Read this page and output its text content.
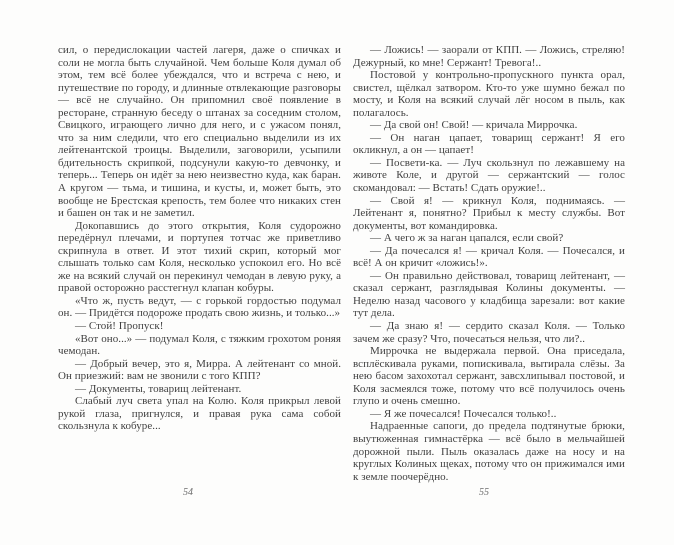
сил, о передислокации частей лагеря, даже о спичках и соли не могла быть случайной. Чем больше Коля думал об этом, тем всё более убеждался, что и встреча с нею, и путешествие по городу, и длинные отвлекающие разговоры — всё не случайно. Он припомнил своё появление в ресторане, странную беседу о штанах за соседним столом, Свицкого, играющего лично для него, и с ужасом понял, что за ним следили, что его специально выделили из их лейтенантской троицы. Выделили, заговорили, усыпили бдительность скрипкой, подсунули какую-то девчонку, и теперь... Теперь он идёт за нею неизвестно куда, как баран. А кругом — тьма, и тишина, и кусты, и, может быть, это вообще не Брестская крепость, тем более что никаких стен и башен он так и не заметил.

Докопавшись до этого открытия, Коля судорожно передёрнул плечами, и портупея тотчас же приветливо скрипнула в ответ. И этот тихий скрип, который мог слышать только сам Коля, несколько успокоил его. Но всё же на всякий случай он перекинул чемодан в левую руку, а правой осторожно расстегнул клапан кобуры.

«Что ж, пусть ведут, — с горькой гордостью подумал он. — Придётся подороже продать свою жизнь, и только...»

— Стой! Пропуск!

«Вот оно...» — подумал Коля, с тяжким грохотом роняя чемодан.

— Добрый вечер, это я, Мирра. А лейтенант со мной. Он приезжий: вам не звонили с того КПП?

— Документы, товарищ лейтенант.

Слабый луч света упал на Колю. Коля прикрыл левой рукой глаза, пригнулся, и правая рука сама собой скользнула к кобуре...

— Ложись! — заорали от КПП. — Ложись, стреляю! Дежурный, ко мне! Сержант! Тревога!..

Постовой у контрольно-пропускного пункта орал, свистел, щёлкал затвором. Кто-то уже шумно бежал по мосту, и Коля на всякий случай лёг носом в пыль, как полагалось.

— Да свой он! Свой! — кричала Миррочка.

— Он наган цапает, товарищ сержант! Я его окликнул, а он — цапает!

— Посвети-ка. — Луч скользнул по лежавшему на животе Коле, и другой — сержантский — голос скомандовал: — Встать! Сдать оружие!..

— Свой я! — крикнул Коля, поднимаясь. — Лейтенант я, понятно? Прибыл к месту службы. Вот документы, вот командировка.

— А чего ж за наган цапался, если свой?

— Да почесался я! — кричал Коля. — Почесался, и всё! А он кричит «ложись!».

— Он правильно действовал, товарищ лейтенант, — сказал сержант, разглядывая Колины документы. — Неделю назад часового у кладбища зарезали: вот какие тут дела.

— Да знаю я! — сердито сказал Коля. — Только зачем же сразу? Что, почесаться нельзя, что ли?..

Миррочка не выдержала первой. Она приседала, всплёскивала руками, попискивала, вытирала слёзы. За нею басом захохотал сержант, завсхлипывал постовой, и Коля засмеялся тоже, потому что всё получилось очень глупо и очень смешно.

— Я же почесался! Почесался только!..

Надраенные сапоги, до предела подтянутые брюки, выутюженная гимнастёрка — всё было в мельчайшей дорожной пыли. Пыль оказалась даже на носу и на круглых Колиных щеках, потому что он прижимался ими к земле поочерёдно.

54	55
